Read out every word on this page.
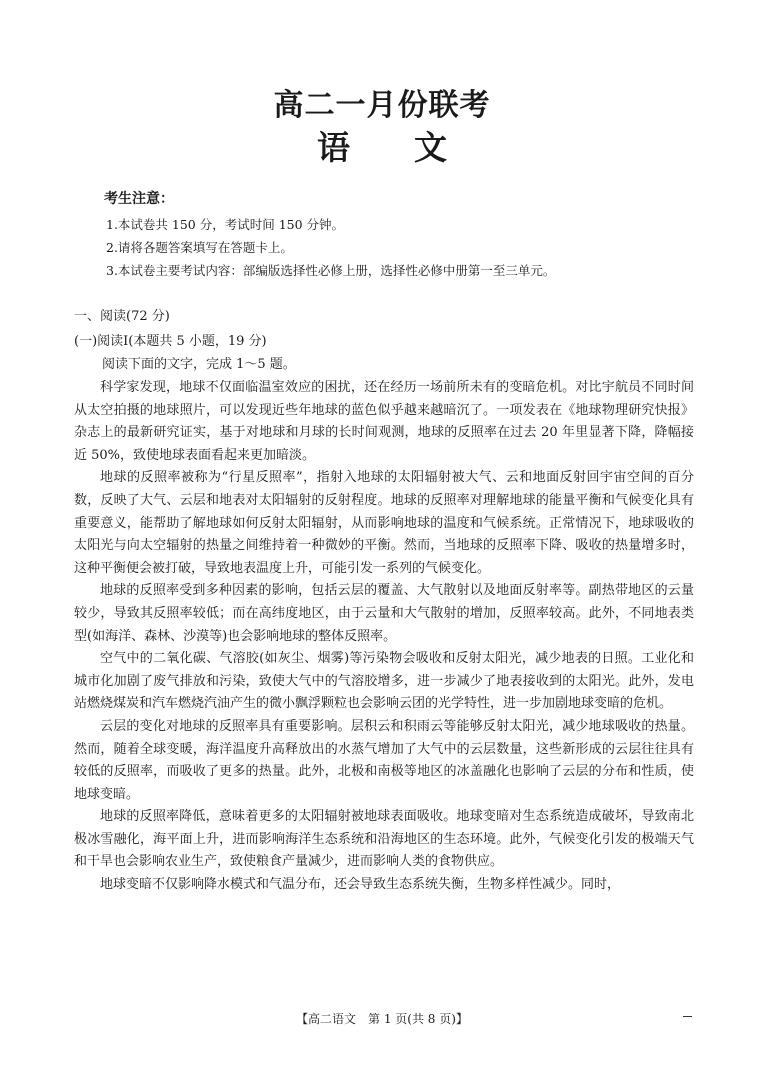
高二一月份联考
语文
考生注意：
1.本试卷共 150 分，考试时间 150 分钟。
2.请将各题答案填写在答题卡上。
3.本试卷主要考试内容：部编版选择性必修上册，选择性必修中册第一至三单元。
一、阅读(72 分)
(一)阅读Ⅰ(本题共 5 小题，19 分)
阅读下面的文字，完成 1～5 题。

科学家发现，地球不仅面临温室效应的困扰，还在经历一场前所未有的变暗危机。对比宇航员不同时间从太空拍摄的地球照片，可以发现近些年地球的蓝色似乎越来越暗沉了。一项发表在《地球物理研究快报》杂志上的最新研究证实，基于对地球和月球的长时间观测，地球的反照率在过去 20 年里显著下降，降幅接近 50%，致使地球表面看起来更加暗淡。

地球的反照率被称为“行星反照率”，指射入地球的太阳辐射被大气、云和地面反射回宇宙空间的百分数，反映了大气、云层和地表对太阳辐射的反射程度。地球的反照率对理解地球的能量平衡和气候变化具有重要意义，能帮助了解地球如何反射太阳辐射，从而影响地球的温度和气候系统。正常情况下，地球吸收的太阳光与向太空辐射的热量之间维持着一种微妙的平衡。然而，当地球的反照率下降、吸收的热量增多时，这种平衡便会被打破，导致地表温度上升，可能引发一系列的气候变化。

地球的反照率受到多种因素的影响，包括云层的覆盖、大气散射以及地面反射率等。副热带地区的云量较少，导致其反照率较低；而在高纬度地区，由于云量和大气散射的增加，反照率较高。此外，不同地表类型(如海洋、森林、沙漠等)也会影响地球的整体反照率。

空气中的二氧化碳、气溶胶(如灰尘、烟雾)等污染物会吸收和反射太阳光，减少地表的日照。工业化和城市化加剧了废气排放和污染，致使大气中的气溶胶增多，进一步减少了地表接收到的太阳光。此外，发电站燃烧煤炭和汽车燃烧汽油产生的微小飘浮颗粒也会影响云团的光学特性，进一步加剧地球变暗的危机。

云层的变化对地球的反照率具有重要影响。层积云和积雨云等能够反射太阳光，减少地球吸收的热量。然而，随着全球变暖，海洋温度升高释放出的水蒸气增加了大气中的云层数量，这些新形成的云层往往具有较低的反照率，而吸收了更多的热量。此外，北极和南极等地区的冰盖融化也影响了云层的分布和性质，使地球变暗。

地球的反照率降低，意味着更多的太阳辐射被地球表面吸收。地球变暗对生态系统造成破坏，导致南北极冰雪融化，海平面上升，进而影响海洋生态系统和沿海地区的生态环境。此外，气候变化引发的极端天气和干旱也会影响农业生产，致使粮食产量减少，进而影响人类的食物供应。

地球变暗不仅影响降水模式和气温分布，还会导致生态系统失衡，生物多样性减少。同时，

【高二语文　第 1 页(共 8 页)】
